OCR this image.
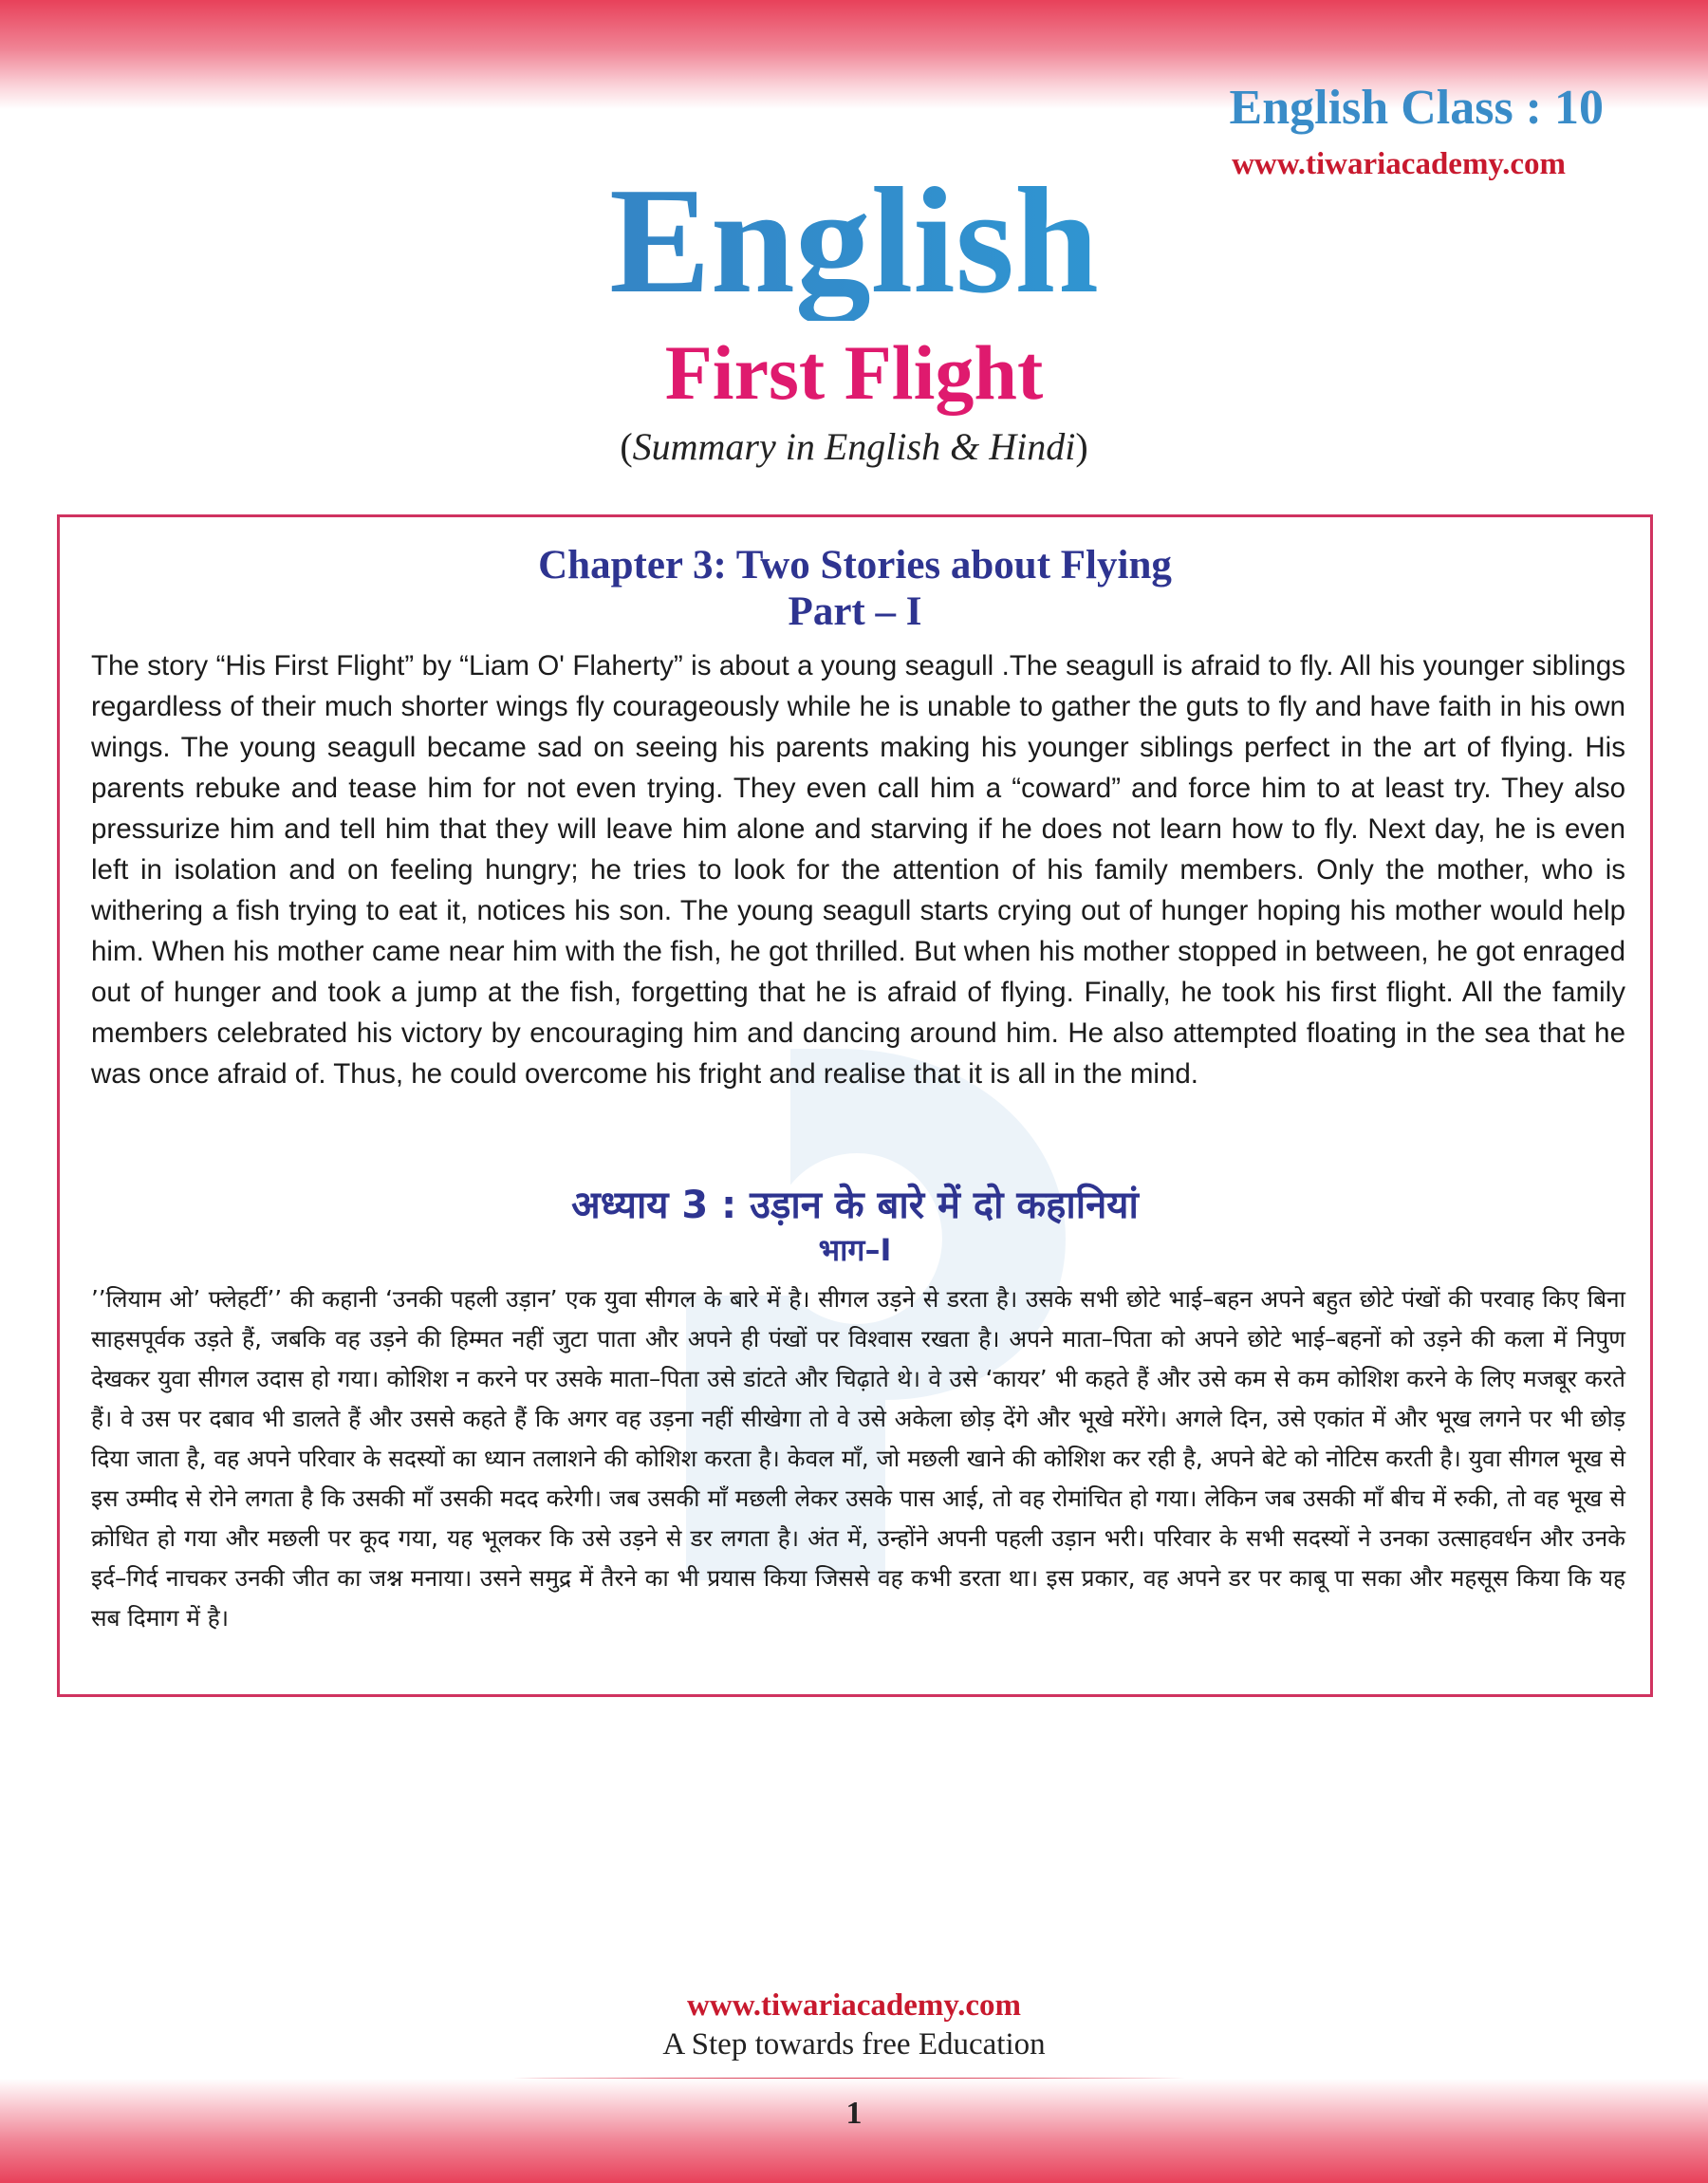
English Class : 10
English
First Flight
(Summary in English & Hindi)
Chapter 3: Two Stories about Flying
Part – I

The story “His First Flight” by “Liam O' Flaherty” is about a young seagull .The seagull is afraid to fly. All his younger siblings regardless of their much shorter wings fly courageously while he is unable to gather the guts to fly and have faith in his own wings. The young seagull became sad on seeing his parents making his younger siblings perfect in the art of flying. His parents rebuke and tease him for not even trying. They even call him a “coward” and force him to at least try. They also pressurize him and tell him that they will leave him alone and starving if he does not learn how to fly. Next day, he is even left in isolation and on feeling hungry; he tries to look for the attention of his family members. Only the mother, who is withering a fish trying to eat it, notices his son. The young seagull starts crying out of hunger hoping his mother would help him. When his mother came near him with the fish, he got thrilled. But when his mother stopped in between, he got enraged out of hunger and took a jump at the fish, forgetting that he is afraid of flying. Finally, he took his first flight. All the family members celebrated his victory by encouraging him and dancing around him. He also attempted floating in the sea that he was once afraid of. Thus, he could overcome his fright and realise that it is all in the mind.

अध्याय 3 : उड़ान के बारे में दो कहानियां
भाग–I

’’लियाम ओ’ फ्लेहर्टी’’ की कहानी ‘उनकी पहली उड़ान’ एक युवा सीगल के बारे में है। सीगल उड़ने से डरता है। उसके सभी छोटे भाई–बहन अपने बहुत छोटे पंखों की परवाह किए बिना साहसपूर्वक उड़ते हैं, जबकि वह उड़ने की हिम्मत नहीं जुटा पाता और अपने ही पंखों पर विश्वास रखता है। अपने माता–पिता को अपने छोटे भाई–बहनों को उड़ने की कला में निपुण देखकर युवा सीगल उदास हो गया। कोशिश न करने पर उसके माता–पिता उसे डांटते और चिढ़ाते थे। वे उसे ‘कायर’ भी कहते हैं और उसे कम से कम कोशिश करने के लिए मजबूर करते हैं। वे उस पर दबाव भी डालते हैं और उससे कहते हैं कि अगर वह उड़ना नहीं सीखेगा तो वे उसे अकेला छोड़ देंगे और भूखे मरेंगे। अगले दिन, उसे एकांत में और भूख लगने पर भी छोड़ दिया जाता है, वह अपने परिवार के सदस्यों का ध्यान तलाशने की कोशिश करता है। केवल माँ, जो मछली खाने की कोशिश कर रही है, अपने बेटे को नोटिस करती है। युवा सीगल भूख से इस उम्मीद से रोने लगता है कि उसकी माँ उसकी मदद करेगी। जब उसकी माँ मछली लेकर उसके पास आई, तो वह रोमांचित हो गया। लेकिन जब उसकी माँ बीच में रुकी, तो वह भूख से क्रोधित हो गया और मछली पर कूद गया, यह भूलकर कि उसे उड़ने से डर लगता है। अंत में, उन्होंने अपनी पहली उड़ान भरी। परिवार के सभी सदस्यों ने उनका उत्साहवर्धन और उनके इर्द–गिर्द नाचकर उनकी जीत का जश्न मनाया। उसने समुद्र में तैरने का भी प्रयास किया जिससे वह कभी डरता था। इस प्रकार, वह अपने डर पर काबू पा सका और महसूस किया कि यह सब दिमाग में है।

www.tiwariacademy.com
A Step towards free Education
1
